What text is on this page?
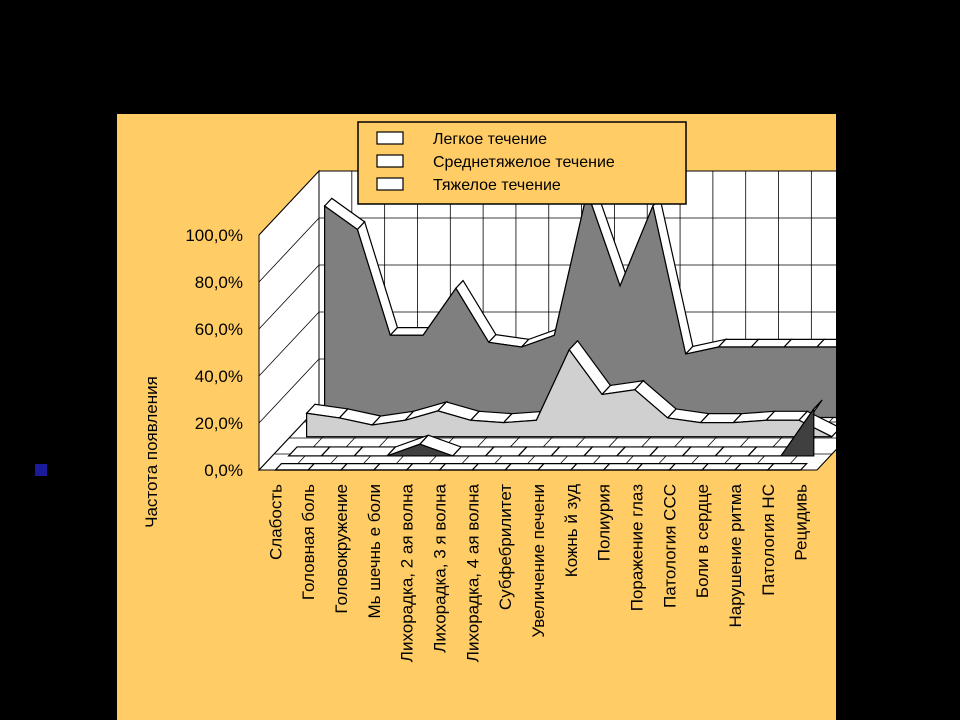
0,0%
20,0%
40,0%
60,0%
80,0%
100,0%
Частота появления	Слабость Головная боль Головокружение Мь шечнь е боли Лихорадка, 2 ая волна Лихорадка, 3 я волна Лихорадка, 4 ая волна Субфебрилитет Увеличение печени Кожнь й зуд Полиурия Поражение глаз Патология ССС Боли в сердце Нарушение ритма Патология НС Рецидивь
Легкое течение
Среднетяжелое течение
Тяжелое течение
